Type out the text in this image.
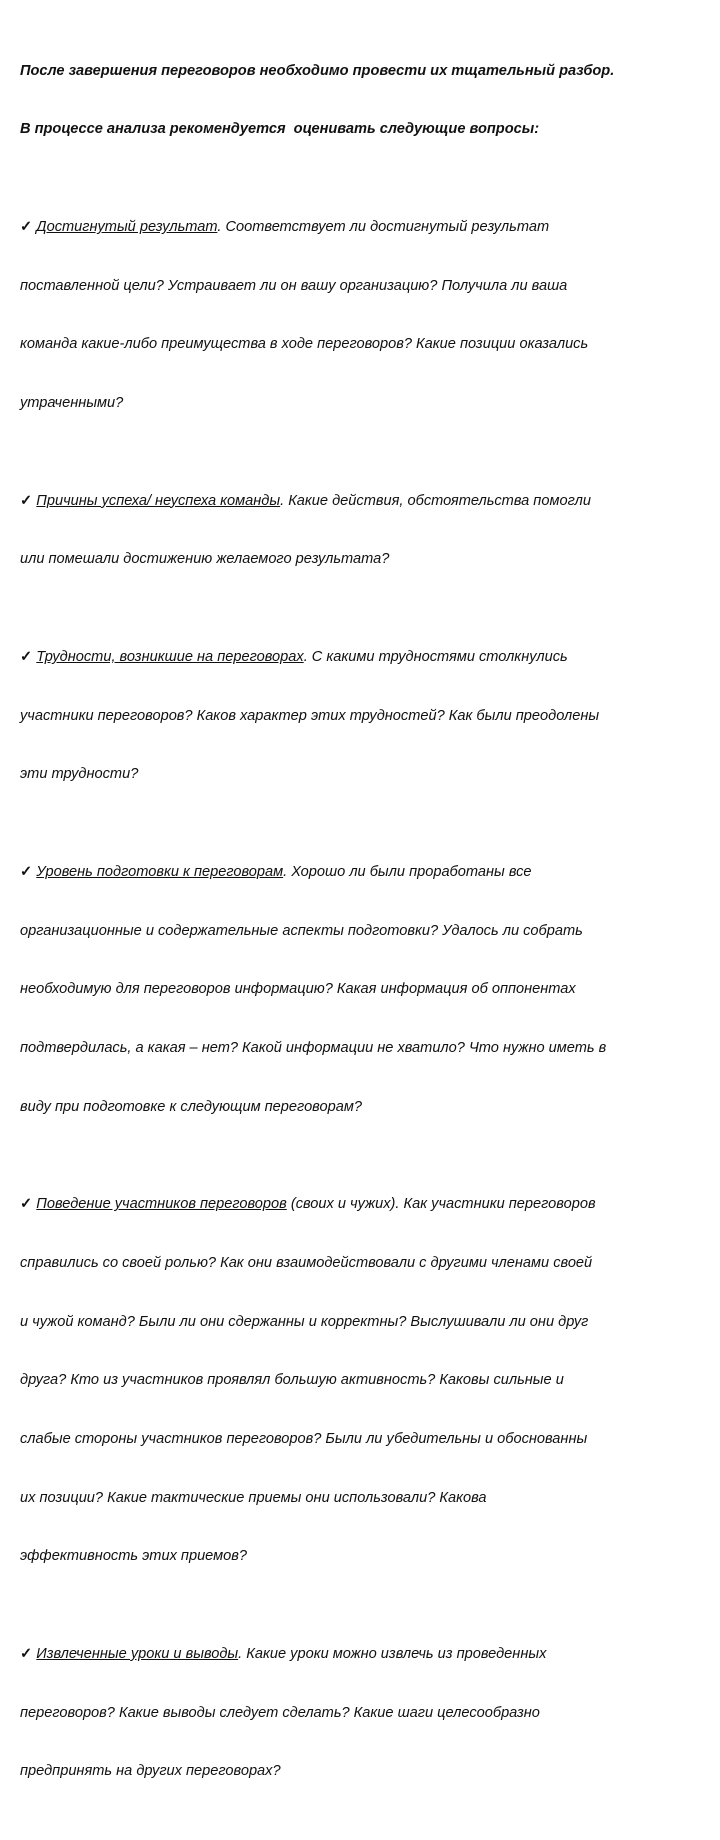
После завершения переговоров необходимо провести их тщательный разбор.

В процессе анализа рекомендуется  оценивать следующие вопросы:

✓ Достигнутый результат. Соответствует ли достигнутый результат

поставленной цели? Устраивает ли он вашу организацию? Получила ли ваша

команда какие-либо преимущества в ходе переговоров? Какие позиции оказались

утраченными?

✓ Причины успеха/ неуспеха команды. Какие действия, обстоятельства помогли

или помешали достижению желаемого результата?

✓ Трудности, возникшие на переговорах. С какими трудностями столкнулись

участники переговоров? Каков характер этих трудностей? Как были преодолены

эти трудности?

✓ Уровень подготовки к переговорам. Хорошо ли были проработаны все

организационные и содержательные аспекты подготовки? Удалось ли собрать

необходимую для переговоров информацию? Какая информация об оппонентах

подтвердилась, а какая – нет? Какой информации не хватило? Что нужно иметь в

виду при подготовке к следующим переговорам?

✓ Поведение участников переговоров (своих и чужих). Как участники переговоров

справились со своей ролью? Как они взаимодействовали с другими членами своей

и чужой команд? Были ли они сдержанны и корректны? Выслушивали ли они друг

друга? Кто из участников проявлял большую активность? Каковы сильные и

слабые стороны участников переговоров? Были ли убедительны и обоснованны

их позиции? Какие тактические приемы они использовали? Какова

эффективность этих приемов?

✓ Извлеченные уроки и выводы. Какие уроки можно извлечь из проведенных

переговоров? Какие выводы следует сделать? Какие шаги целесообразно

предпринять на других переговорах?
